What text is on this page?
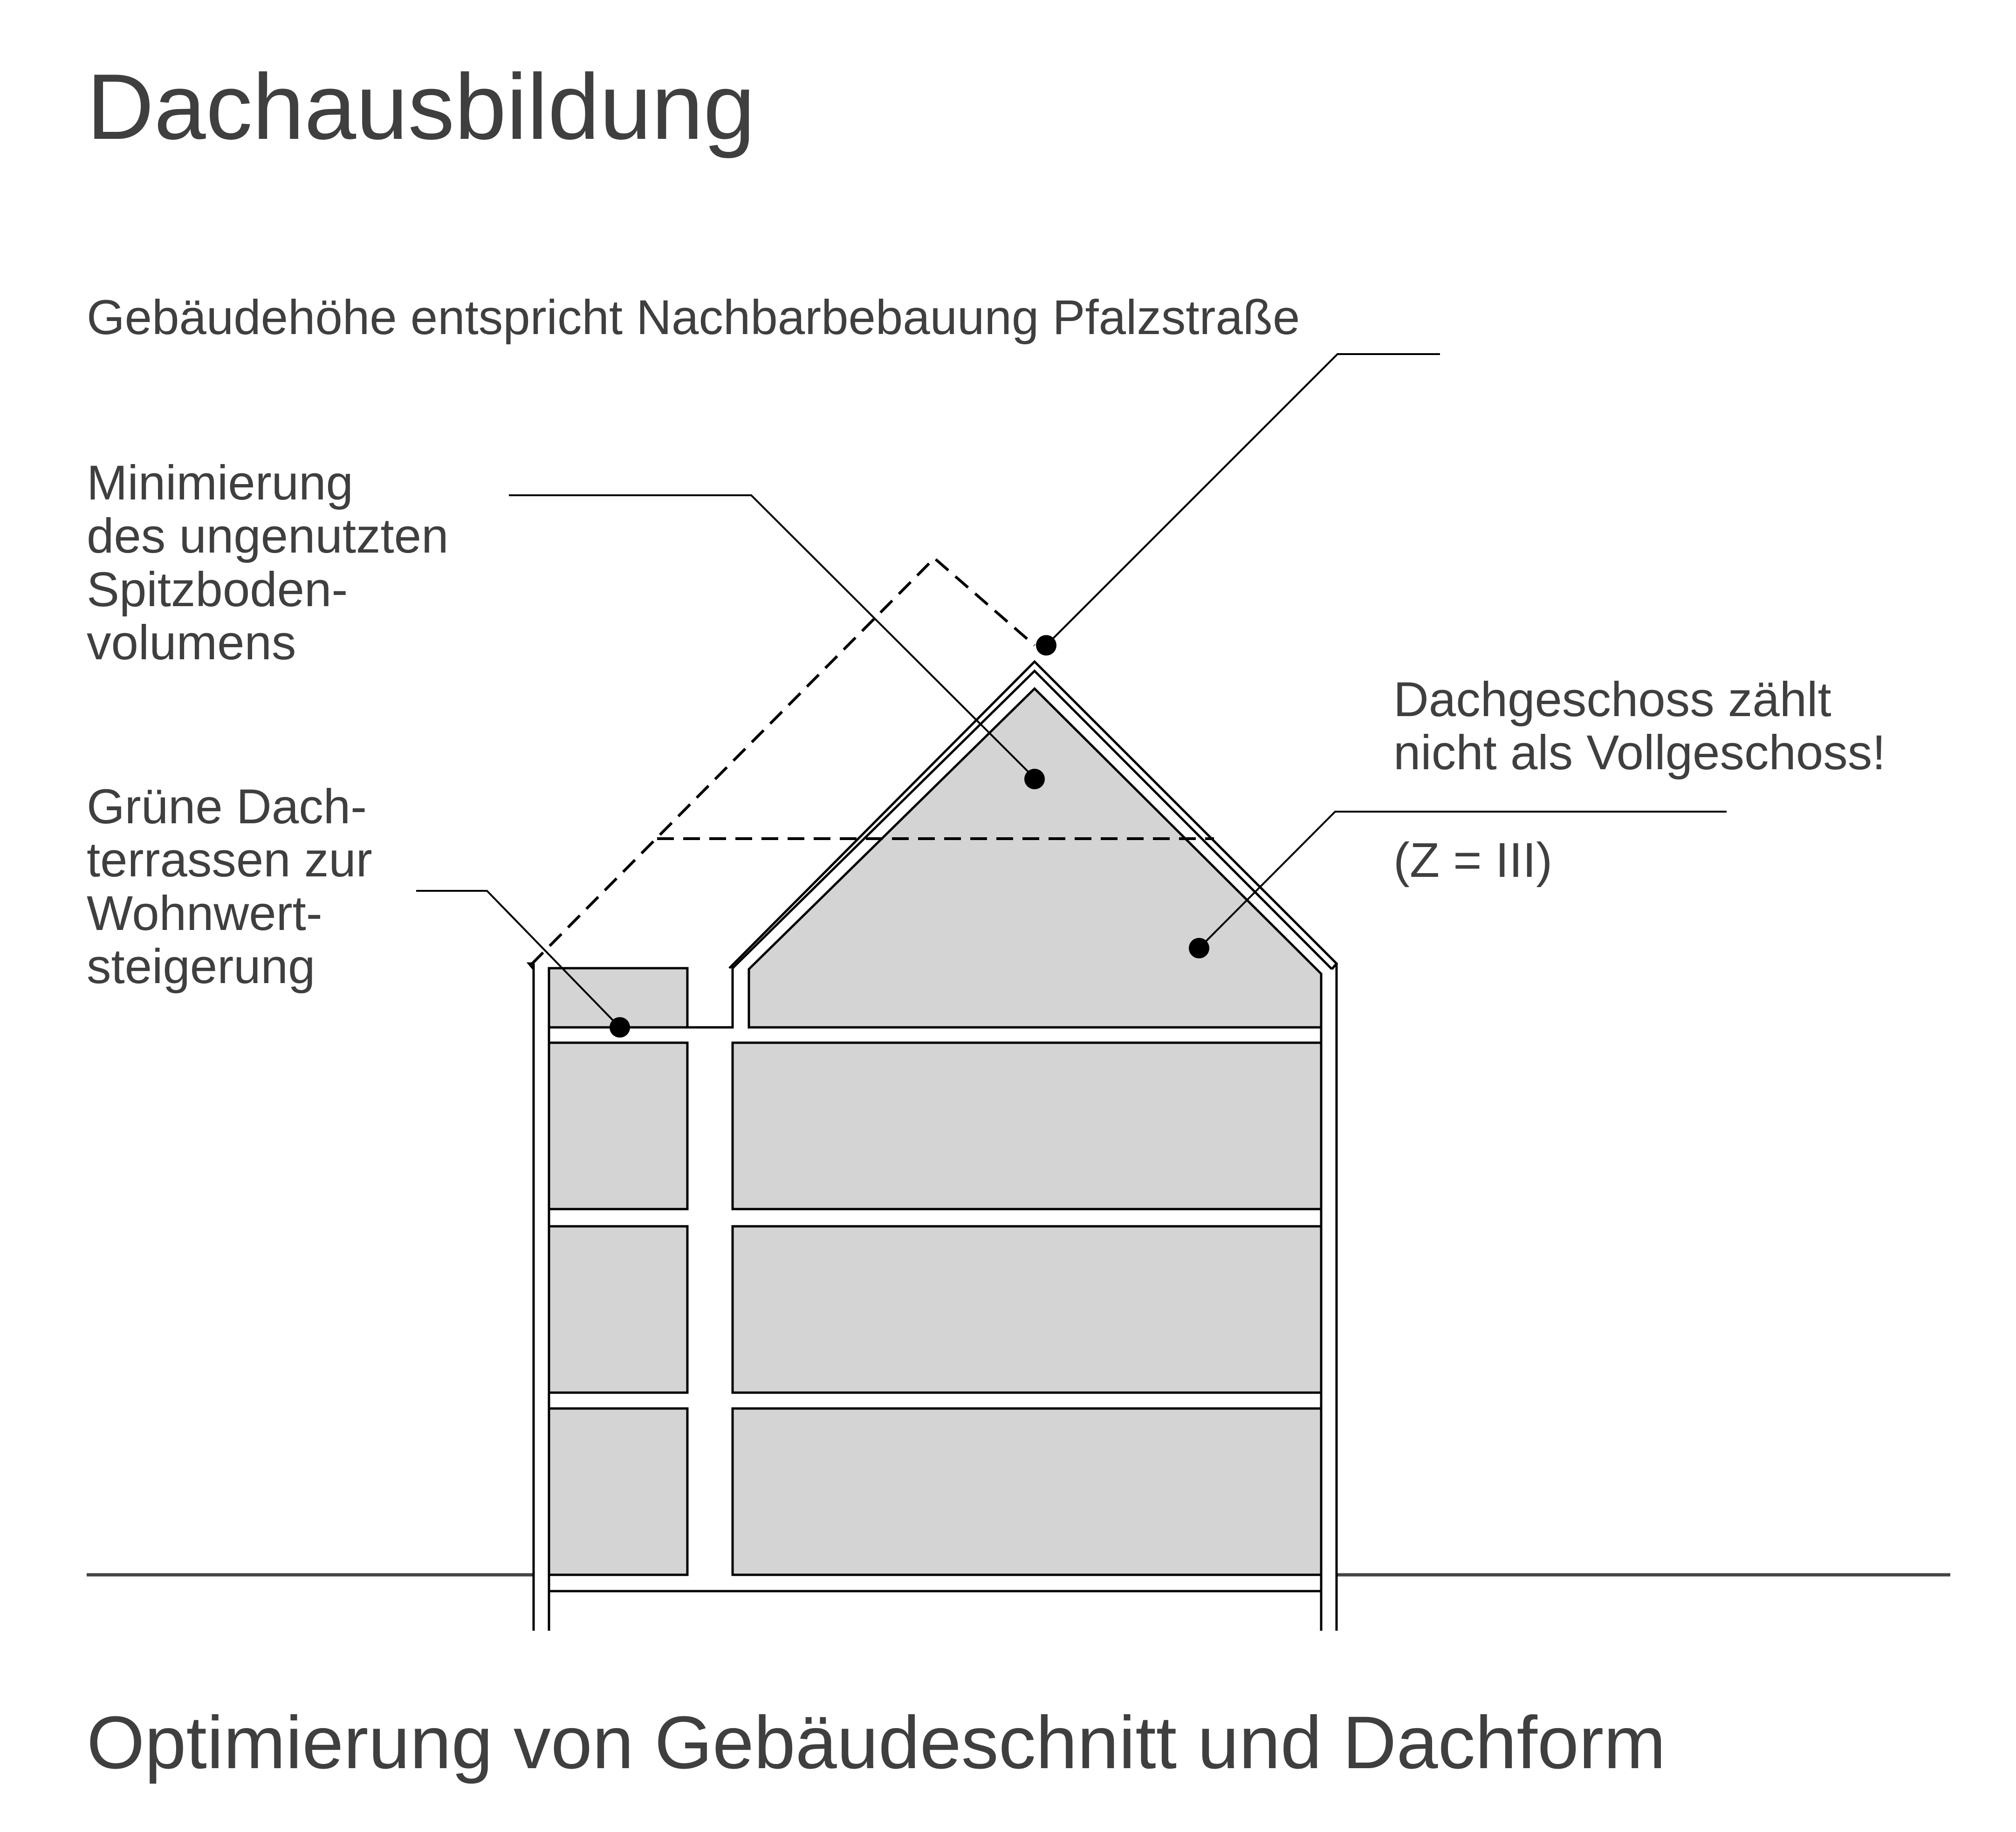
Dachausbildung
Gebäudehöhe entspricht Nachbarbebauung Pfalzstraße
Minimierung
des ungenutzten
Spitzboden-
volumens
Grüne Dach-
terrassen zur
Wohnwert-
steigerung
Dachgeschoss zählt
nicht als Vollgeschoss!
(Z = III)
Optimierung von Gebäudeschnitt und Dachform
